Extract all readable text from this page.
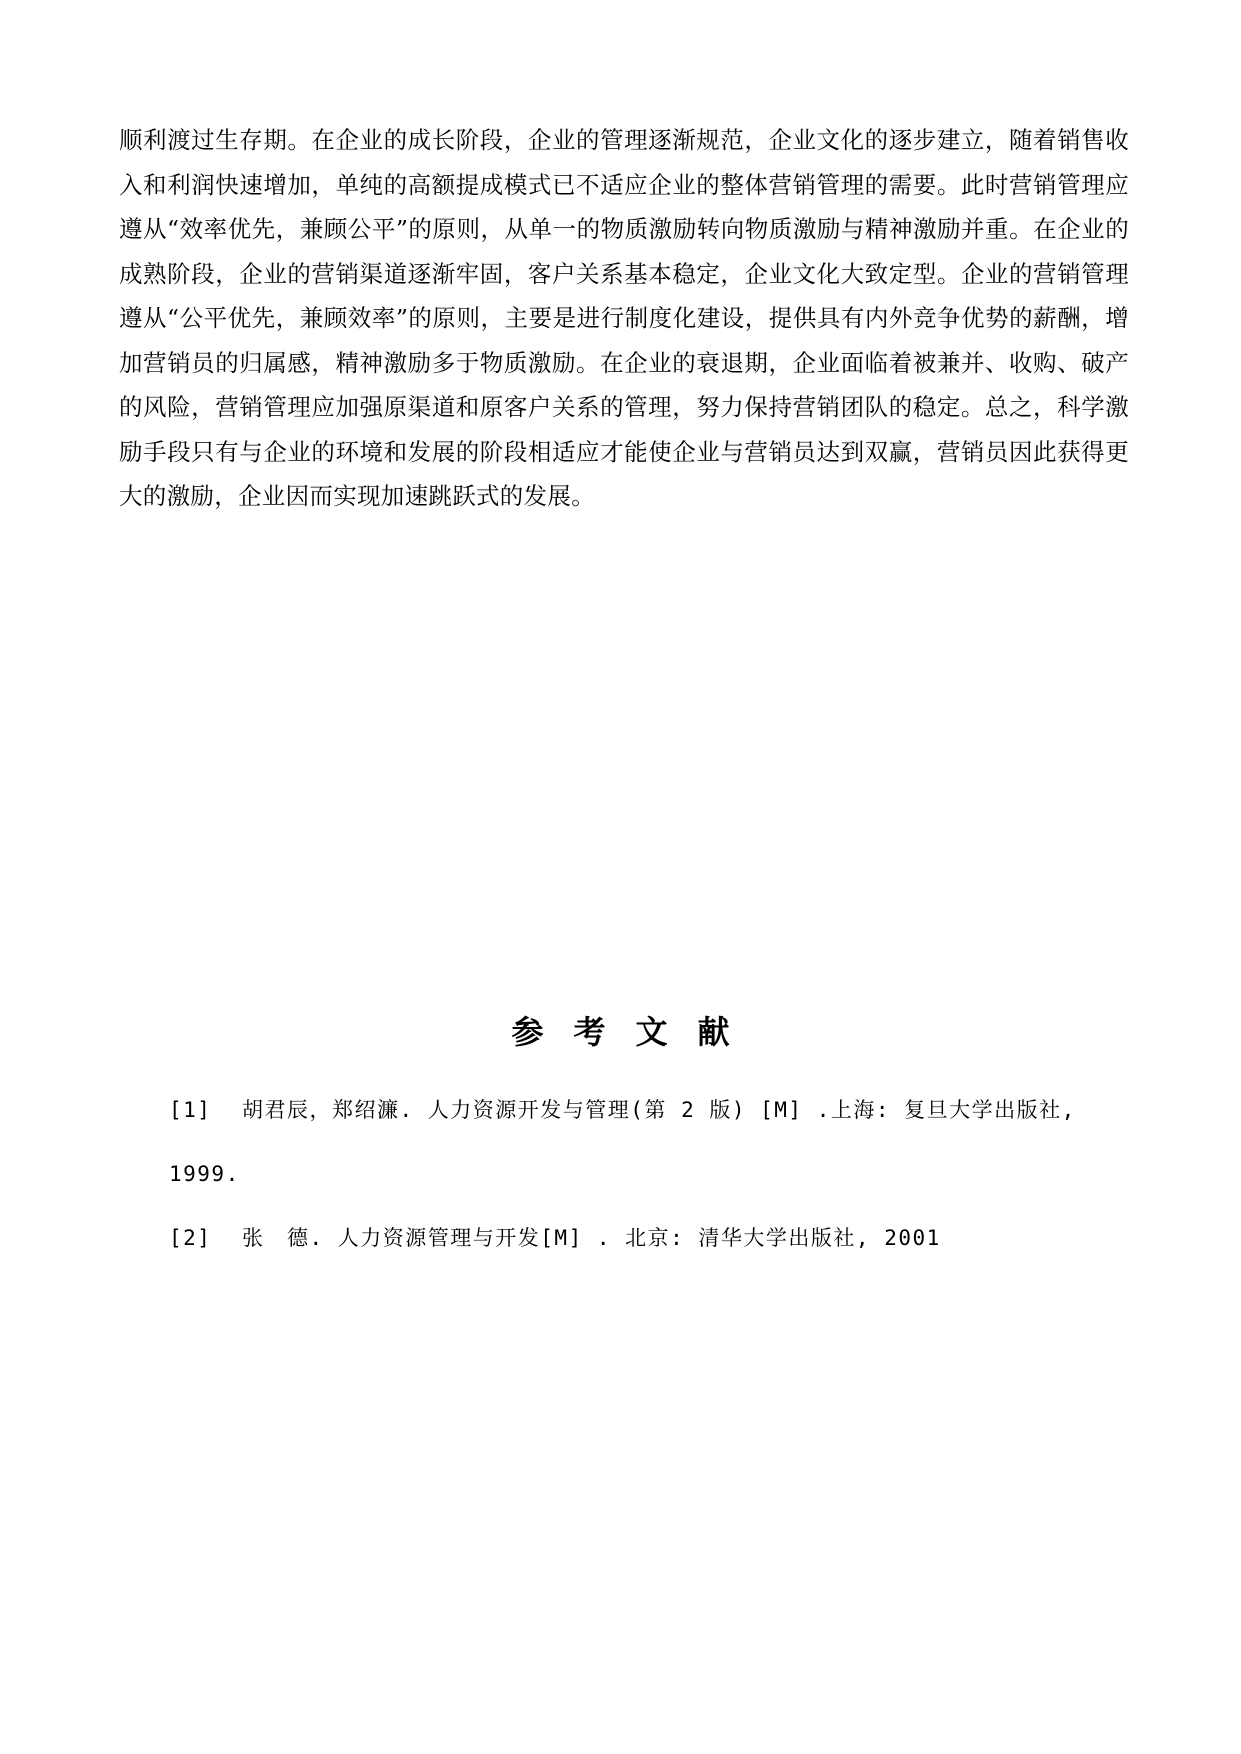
顺利渡过生存期。在企业的成长阶段，企业的管理逐渐规范，企业文化的逐步建立，随着销售收入和利润快速增加，单纯的高额提成模式已不适应企业的整体营销管理的需要。此时营销管理应遵从“效率优先，兼顾公平”的原则，从单一的物质激励转向物质激励与精神激励并重。在企业的成熟阶段，企业的营销渠道逐渐牢固，客户关系基本稳定，企业文化大致定型。企业的营销管理遵从“公平优先，兼顾效率”的原则，主要是进行制度化建设，提供具有内外竞争优势的薪酬，增加营销员的归属感，精神激励多于物质激励。在企业的衰退期，企业面临着被兼并、收购、破产的风险，营销管理应加强原渠道和原客户关系的管理，努力保持营销团队的稳定。总之，科学激励手段只有与企业的环境和发展的阶段相适应才能使企业与营销员达到双赢，营销员因此获得更大的激励，企业因而实现加速跳跃式的发展。

参考文献
[1] 胡君辰，郑绍濂. 人力资源开发与管理(第 2 版) [M] .上海: 复旦大学出版社, 1999.
[2] 张　德. 人力资源管理与开发[M] . 北京: 清华大学出版社, 2001
